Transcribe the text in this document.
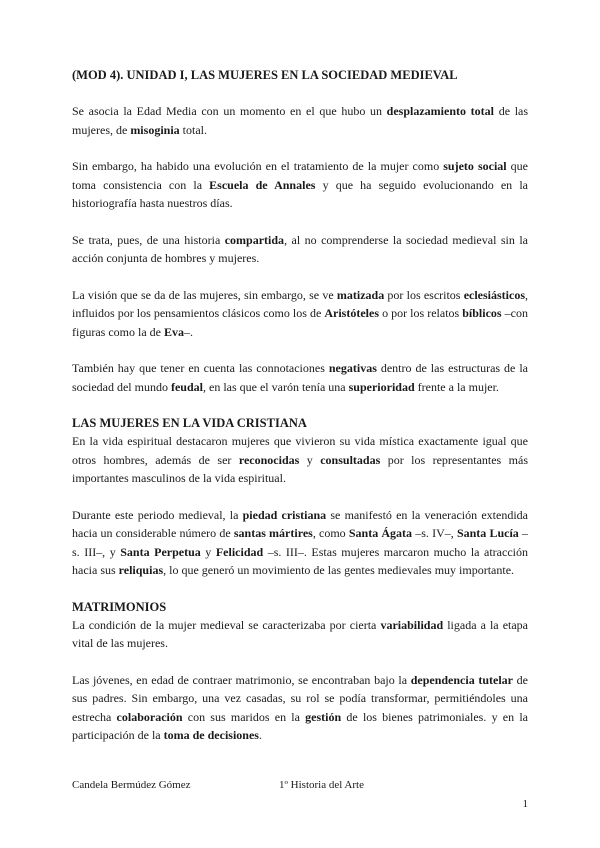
(MOD 4). UNIDAD I, LAS MUJERES EN LA SOCIEDAD MEDIEVAL

Se asocia la Edad Media con un momento en el que hubo un desplazamiento total de las mujeres, de misoginia total.

Sin embargo, ha habido una evolución en el tratamiento de la mujer como sujeto social que toma consistencia con la Escuela de Annales y que ha seguido evolucionando en la historiografía hasta nuestros días.

Se trata, pues, de una historia compartida, al no comprenderse la sociedad medieval sin la acción conjunta de hombres y mujeres.

La visión que se da de las mujeres, sin embargo, se ve matizada por los escritos eclesiásticos, influidos por los pensamientos clásicos como los de Aristóteles o por los relatos bíblicos –con figuras como la de Eva–.

También hay que tener en cuenta las connotaciones negativas dentro de las estructuras de la sociedad del mundo feudal, en las que el varón tenía una superioridad frente a la mujer.

LAS MUJERES EN LA VIDA CRISTIANA

En la vida espiritual destacaron mujeres que vivieron su vida mística exactamente igual que otros hombres, además de ser reconocidas y consultadas por los representantes más importantes masculinos de la vida espiritual.

Durante este periodo medieval, la piedad cristiana se manifestó en la veneración extendida hacia un considerable número de santas mártires, como Santa Ágata –s. IV–, Santa Lucía –s. III–, y Santa Perpetua y Felicidad –s. III–. Estas mujeres marcaron mucho la atracción hacia sus reliquias, lo que generó un movimiento de las gentes medievales muy importante.

MATRIMONIOS

La condición de la mujer medieval se caracterizaba por cierta variabilidad ligada a la etapa vital de las mujeres.

Las jóvenes, en edad de contraer matrimonio, se encontraban bajo la dependencia tutelar de sus padres. Sin embargo, una vez casadas, su rol se podía transformar, permitiéndoles una estrecha colaboración con sus maridos en la gestión de los bienes patrimoniales. y en la participación de la toma de decisiones.

Candela Bermúdez Gómez	1º Historia del Arte
1
